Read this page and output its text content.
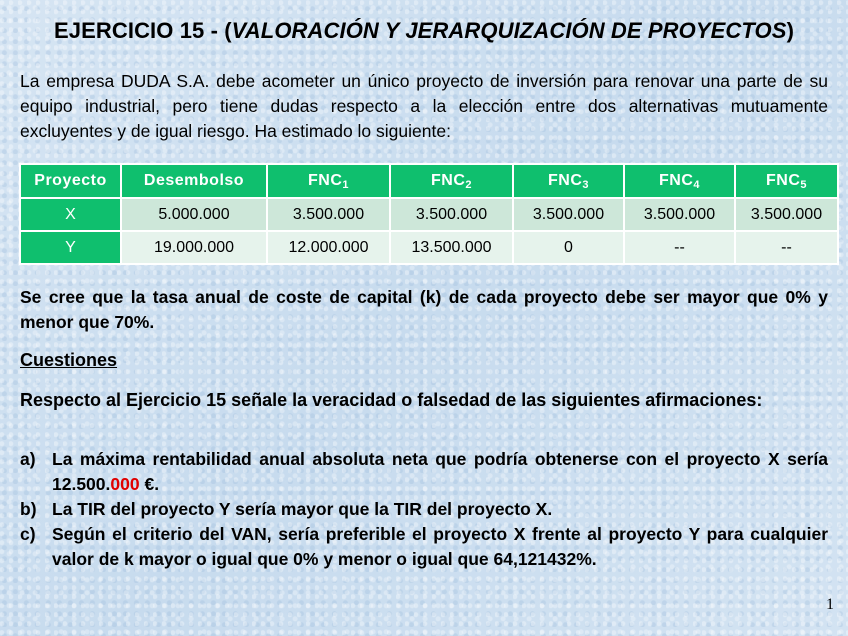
EJERCICIO 15 - (VALORACIÓN Y JERARQUIZACIÓN DE PROYECTOS)
La empresa DUDA S.A. debe acometer un único proyecto de inversión para renovar una parte de su equipo industrial, pero tiene dudas respecto a la elección entre dos alternativas mutuamente excluyentes y de igual riesgo. Ha estimado lo siguiente:
Proyecto	Desembolso	$FNC_1$	$FNC_2$	$FNC_3$	$FNC_4$	$FNC_5$
X	5.000.000	3.500.000	3.500.000	3.500.000	3.500.000	3.500.000
Y	19.000.000	12.000.000	13.500.000	0	--	--
Se cree que la tasa anual de coste de capital (k) de cada proyecto debe ser mayor que 0% y menor que 70%.
Cuestiones
Respecto al Ejercicio 15 señale la veracidad o falsedad de las siguientes afirmaciones:
a) La máxima rentabilidad anual absoluta neta que podría obtenerse con el proyecto X sería 12.500.000 €.
b) La TIR del proyecto Y sería mayor que la TIR del proyecto X.
c) Según el criterio del VAN, sería preferible el proyecto X frente al proyecto Y para cualquier valor de k mayor o igual que 0% y menor o igual que 64,121432%.
1
